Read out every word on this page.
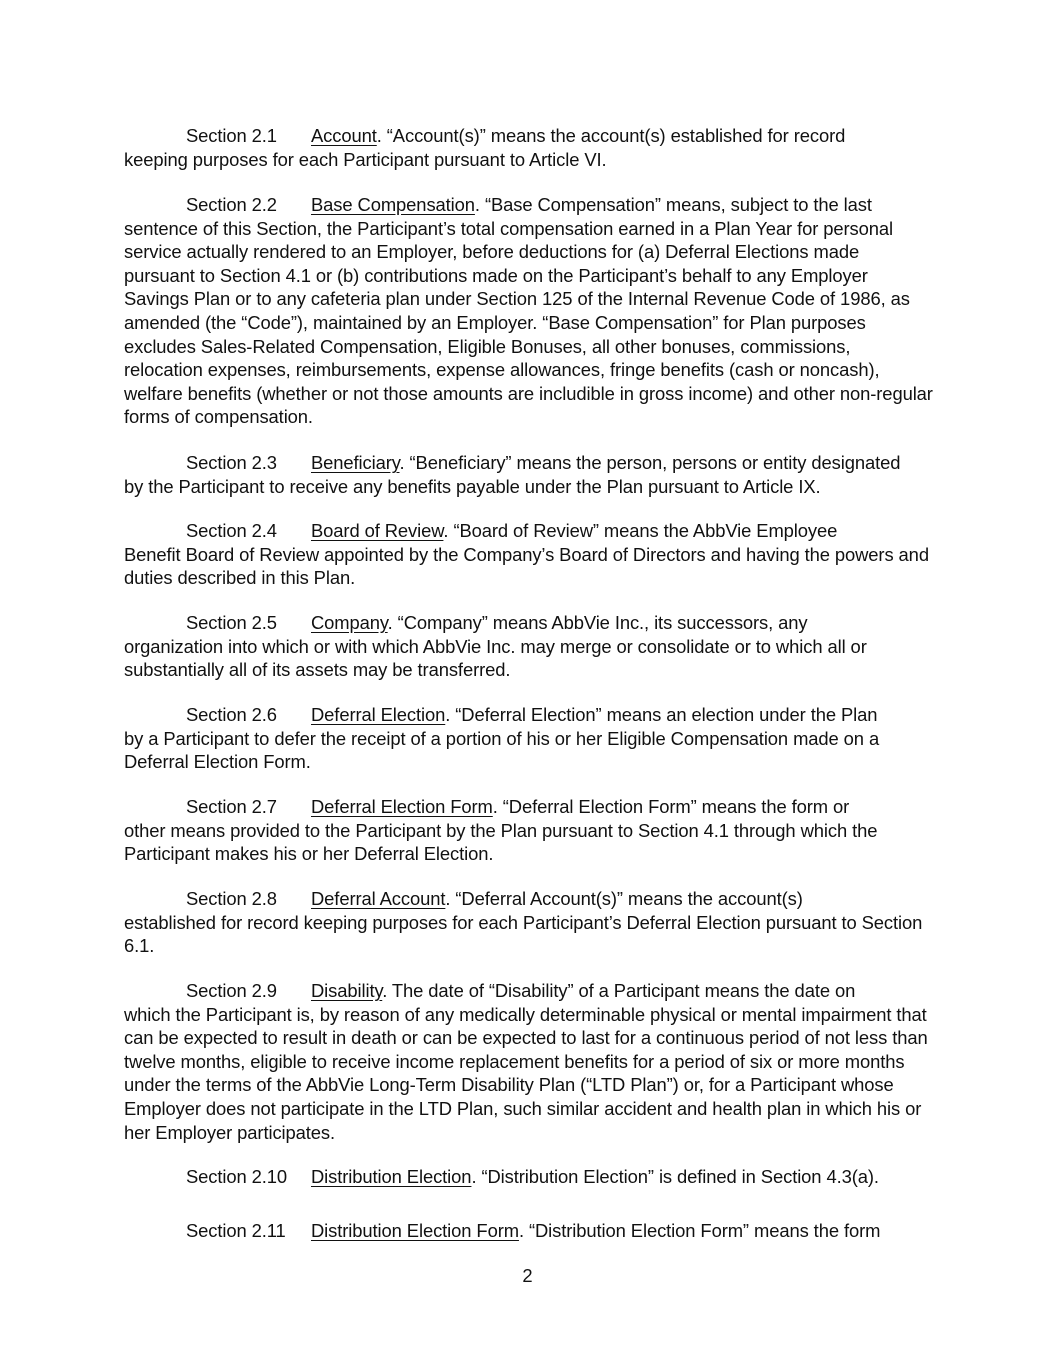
Section 2.1 Account. “Account(s)” means the account(s) established for record
keeping purposes for each Participant pursuant to Article VI.
Section 2.2 Base Compensation. “Base Compensation” means, subject to the last
sentence of this Section, the Participant’s total compensation earned in a Plan Year for personal service actually rendered to an Employer, before deductions for (a) Deferral Elections made pursuant to Section 4.1 or (b) contributions made on the Participant’s behalf to any Employer Savings Plan or to any cafeteria plan under Section 125 of the Internal Revenue Code of 1986, as amended (the “Code”), maintained by an Employer. “Base Compensation” for Plan purposes excludes Sales-Related Compensation, Eligible Bonuses, all other bonuses, commissions, relocation expenses, reimbursements, expense allowances, fringe benefits (cash or noncash), welfare benefits (whether or not those amounts are includible in gross income) and other non-regular forms of compensation.
Section 2.3 Beneficiary. “Beneficiary” means the person, persons or entity designated
by the Participant to receive any benefits payable under the Plan pursuant to Article IX.
Section 2.4 Board of Review. “Board of Review” means the AbbVie Employee
Benefit Board of Review appointed by the Company’s Board of Directors and having the powers and duties described in this Plan.
Section 2.5 Company. “Company” means AbbVie Inc., its successors, any
organization into which or with which AbbVie Inc. may merge or consolidate or to which all or substantially all of its assets may be transferred.
Section 2.6 Deferral Election. “Deferral Election” means an election under the Plan
by a Participant to defer the receipt of a portion of his or her Eligible Compensation made on a Deferral Election Form.
Section 2.7 Deferral Election Form. “Deferral Election Form” means the form or
other means provided to the Participant by the Plan pursuant to Section 4.1 through which the Participant makes his or her Deferral Election.
Section 2.8 Deferral Account. “Deferral Account(s)” means the account(s)
established for record keeping purposes for each Participant’s Deferral Election pursuant to Section 6.1.
Section 2.9 Disability. The date of “Disability” of a Participant means the date on
which the Participant is, by reason of any medically determinable physical or mental impairment that can be expected to result in death or can be expected to last for a continuous period of not less than twelve months, eligible to receive income replacement benefits for a period of six or more months under the terms of the AbbVie Long-Term Disability Plan (“LTD Plan”) or, for a Participant whose Employer does not participate in the LTD Plan, such similar accident and health plan in which his or her Employer participates.
Section 2.10 Distribution Election. “Distribution Election” is defined in Section 4.3(a).
Section 2.11 Distribution Election Form. “Distribution Election Form” means the form
2
